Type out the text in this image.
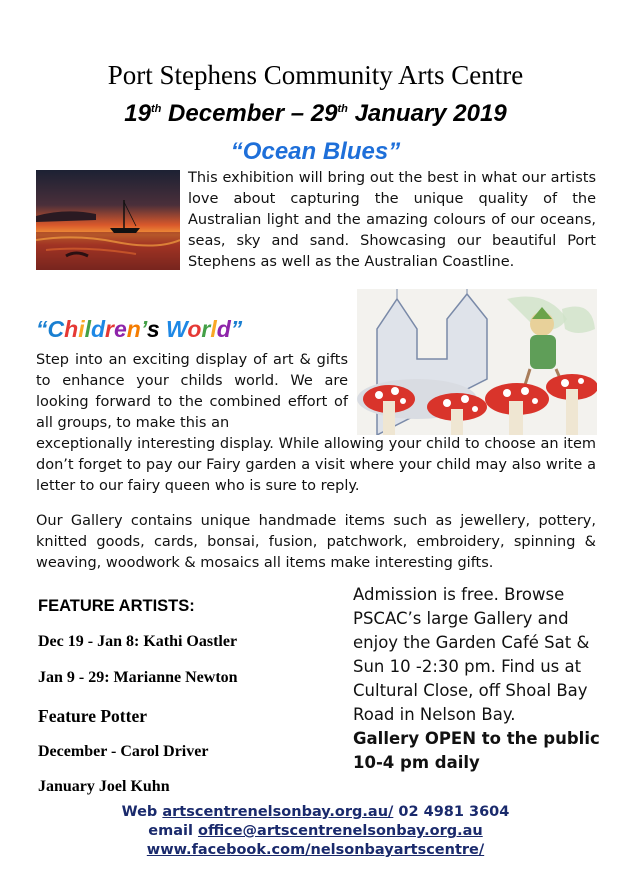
Port Stephens Community Arts Centre
19th December – 29th January 2019
“Ocean Blues”
This exhibition will bring out the best in what our artists love about capturing the unique quality of the Australian light and the amazing colours of our oceans, seas, sky and sand. Showcasing our beautiful Port Stephens as well as the Australian Coastline.
“Children’s World”
Step into an exciting display of art & gifts to enhance your childs world. We are looking forward to the combined effort of all groups, to make this an
exceptionally interesting display. While allowing your child to choose an item don’t forget to pay our Fairy garden a visit where your child may also write a letter to our fairy queen who is sure to reply.
Our Gallery contains unique handmade items such as jewellery, pottery, knitted goods, cards, bonsai, fusion, patchwork, embroidery, spinning & weaving, woodwork & mosaics all items make interesting gifts.
FEATURE ARTISTS:
Dec 19 - Jan 8: Kathi Oastler
Jan 9 - 29: Marianne Newton
Feature Potter
December - Carol Driver
January Joel Kuhn
Admission is free. Browse PSCAC’s large Gallery and enjoy the Garden Café Sat & Sun 10 -2:30 pm. Find us at Cultural Close, off Shoal Bay Road in Nelson Bay.
Gallery OPEN to the public 10-4 pm daily
Web artscentrenelsonbay.org.au/ 02 4981 3604
email office@artscentrenelsonbay.org.au
www.facebook.com/nelsonbayartscentre/
